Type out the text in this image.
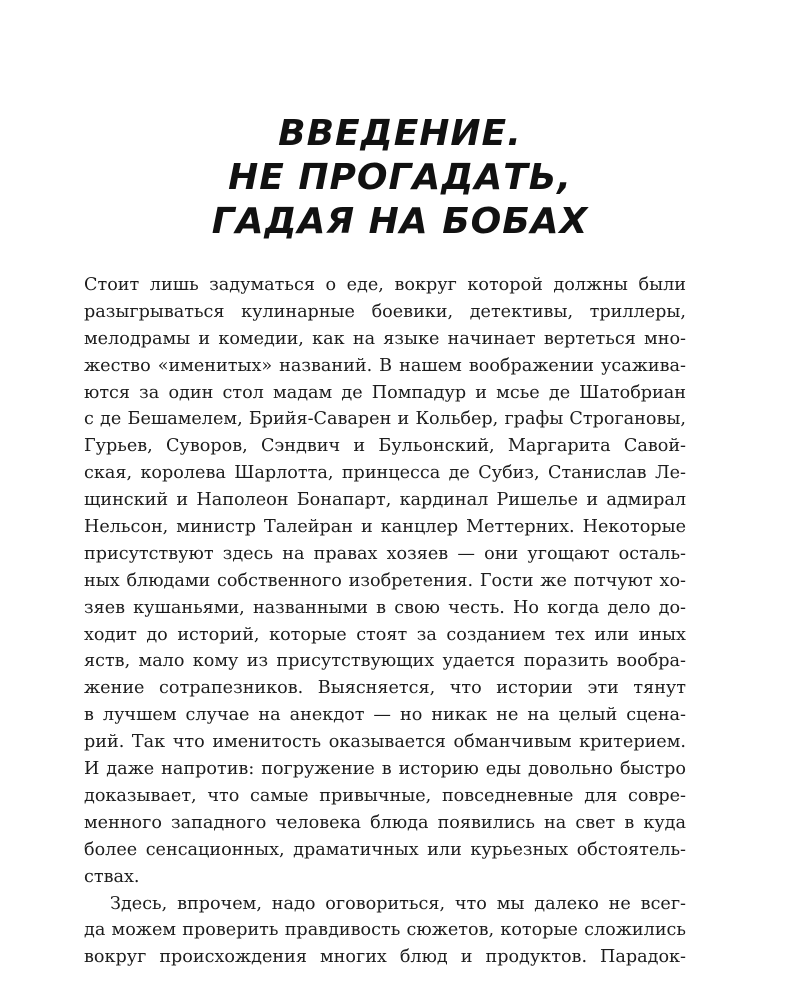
ВВЕДЕНИЕ.
НЕ ПРОГАДАТЬ,
ГАДАЯ НА БОБАХ
Стоит лишь задуматься о еде, вокруг которой должны были
разыгрываться кулинарные боевики, детективы, триллеры,
мелодрамы и комедии, как на языке начинает вертеться мно-
жество «именитых» названий. В нашем воображении усажива-
ются за один стол мадам де Помпадур и мсье де Шатобриан
с де Бешамелем, Брийя-Саварен и Кольбер, графы Строгановы,
Гурьев, Суворов, Сэндвич и Бульонский, Маргарита Савой-
ская, королева Шарлотта, принцесса де Субиз, Станислав Ле-
щинский и Наполеон Бонапарт, кардинал Ришелье и адмирал
Нельсон, министр Талейран и канцлер Меттерних. Некоторые
присутствуют здесь на правах хозяев — они угощают осталь-
ных блюдами собственного изобретения. Гости же потчуют хо-
зяев кушаньями, названными в свою честь. Но когда дело до-
ходит до историй, которые стоят за созданием тех или иных
яств, мало кому из присутствующих удается поразить вообра-
жение сотрапезников. Выясняется, что истории эти тянут
в лучшем случае на анекдот — но никак не на целый сцена-
рий. Так что именитость оказывается обманчивым критерием.
И даже напротив: погружение в историю еды довольно быстро
доказывает, что самые привычные, повседневные для совре-
менного западного человека блюда появились на свет в куда
более сенсационных, драматичных или курьезных обстоятель-
ствах.
Здесь, впрочем, надо оговориться, что мы далеко не всег-
да можем проверить правдивость сюжетов, которые сложились
вокруг происхождения многих блюд и продуктов. Парадок-
